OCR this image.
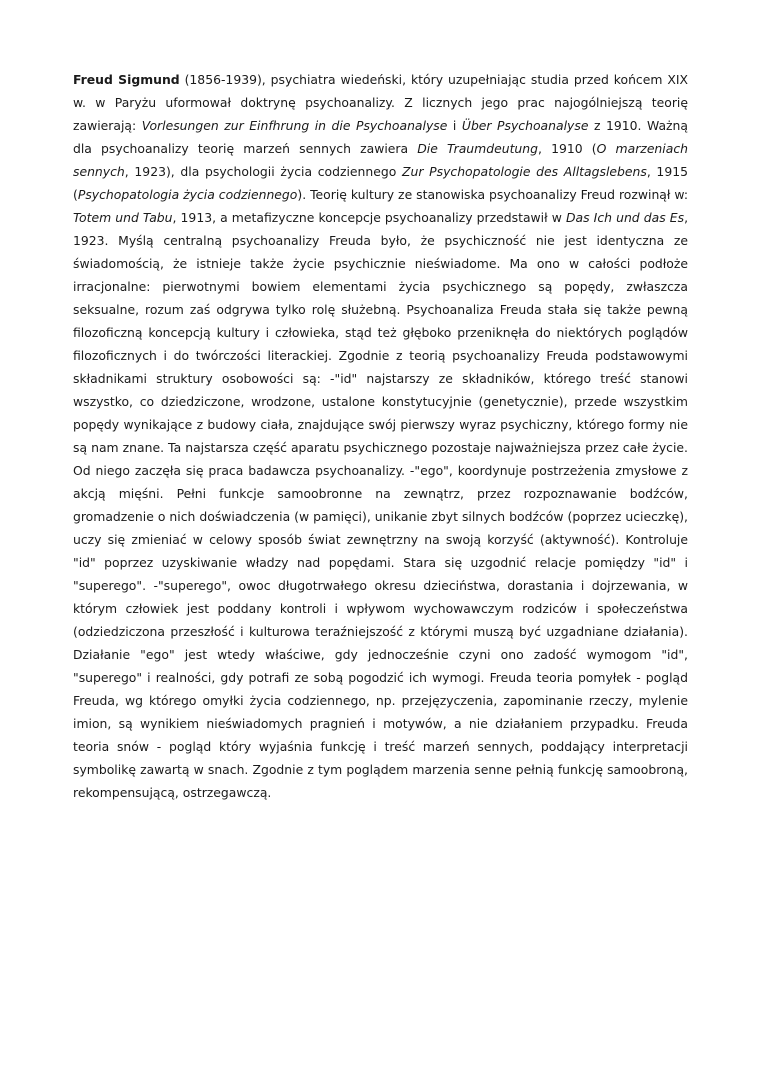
Freud Sigmund (1856-1939), psychiatra wiedeński, który uzupełniając studia przed końcem XIX w. w Paryżu uformował doktrynę psychoanalizy. Z licznych jego prac najogólniejszą teorię zawierają: Vorlesungen zur Einfhrung in die Psychoanalyse i Über Psychoanalyse z 1910. Ważną dla psychoanalizy teorię marzeń sennych zawiera Die Traumdeutung, 1910 (O marzeniach sennych, 1923), dla psychologii życia codziennego Zur Psychopatologie des Alltagslebens, 1915 (Psychopatologia życia codziennego). Teorię kultury ze stanowiska psychoanalizy Freud rozwinął w: Totem und Tabu, 1913, a metafizyczne koncepcje psychoanalizy przedstawił w Das Ich und das Es, 1923. Myślą centralną psychoanalizy Freuda było, że psychiczność nie jest identyczna ze świadomością, że istnieje także życie psychicznie nieświadome. Ma ono w całości podłoże irracjonalne: pierwotnymi bowiem elementami życia psychicznego są popędy, zwłaszcza seksualne, rozum zaś odgrywa tylko rolę służebną. Psychoanaliza Freuda stała się także pewną filozoficzną koncepcją kultury i człowieka, stąd też głęboko przeniknęła do niektórych poglądów filozoficznych i do twórczości literackiej. Zgodnie z teorią psychoanalizy Freuda podstawowymi składnikami struktury osobowości są: -"id" najstarszy ze składników, którego treść stanowi wszystko, co dziedziczone, wrodzone, ustalone konstytucyjnie (genetycznie), przede wszystkim popędy wynikające z budowy ciała, znajdujące swój pierwszy wyraz psychiczny, którego formy nie są nam znane. Ta najstarsza część aparatu psychicznego pozostaje najważniejsza przez całe życie. Od niego zaczęła się praca badawcza psychoanalizy. -"ego", koordynuje postrzeżenia zmysłowe z akcją mięśni. Pełni funkcje samoobronne na zewnątrz, przez rozpoznawanie bodźców, gromadzenie o nich doświadczenia (w pamięci), unikanie zbyt silnych bodźców (poprzez ucieczkę), uczy się zmieniać w celowy sposób świat zewnętrzny na swoją korzyść (aktywność). Kontroluje "id" poprzez uzyskiwanie władzy nad popędami. Stara się uzgodnić relacje pomiędzy "id" i "superego". -"superego", owoc długotrwałego okresu dzieciństwa, dorastania i dojrzewania, w którym człowiek jest poddany kontroli i wpływom wychowawczym rodziców i społeczeństwa (odziedziczona przeszłość i kulturowa teraźniejszość z którymi muszą być uzgadniane działania). Działanie "ego" jest wtedy właściwe, gdy jednocześnie czyni ono zadość wymogom "id", "superego" i realności, gdy potrafi ze sobą pogodzić ich wymogi. Freuda teoria pomyłek - pogląd Freuda, wg którego omyłki życia codziennego, np. przejęzyczenia, zapominanie rzeczy, mylenie imion, są wynikiem nieświadomych pragnień i motywów, a nie działaniem przypadku. Freuda teoria snów - pogląd który wyjaśnia funkcję i treść marzeń sennych, poddający interpretacji symbolikę zawartą w snach. Zgodnie z tym poglądem marzenia senne pełnią funkcję samoobroną, rekompensującą, ostrzegawczą.
